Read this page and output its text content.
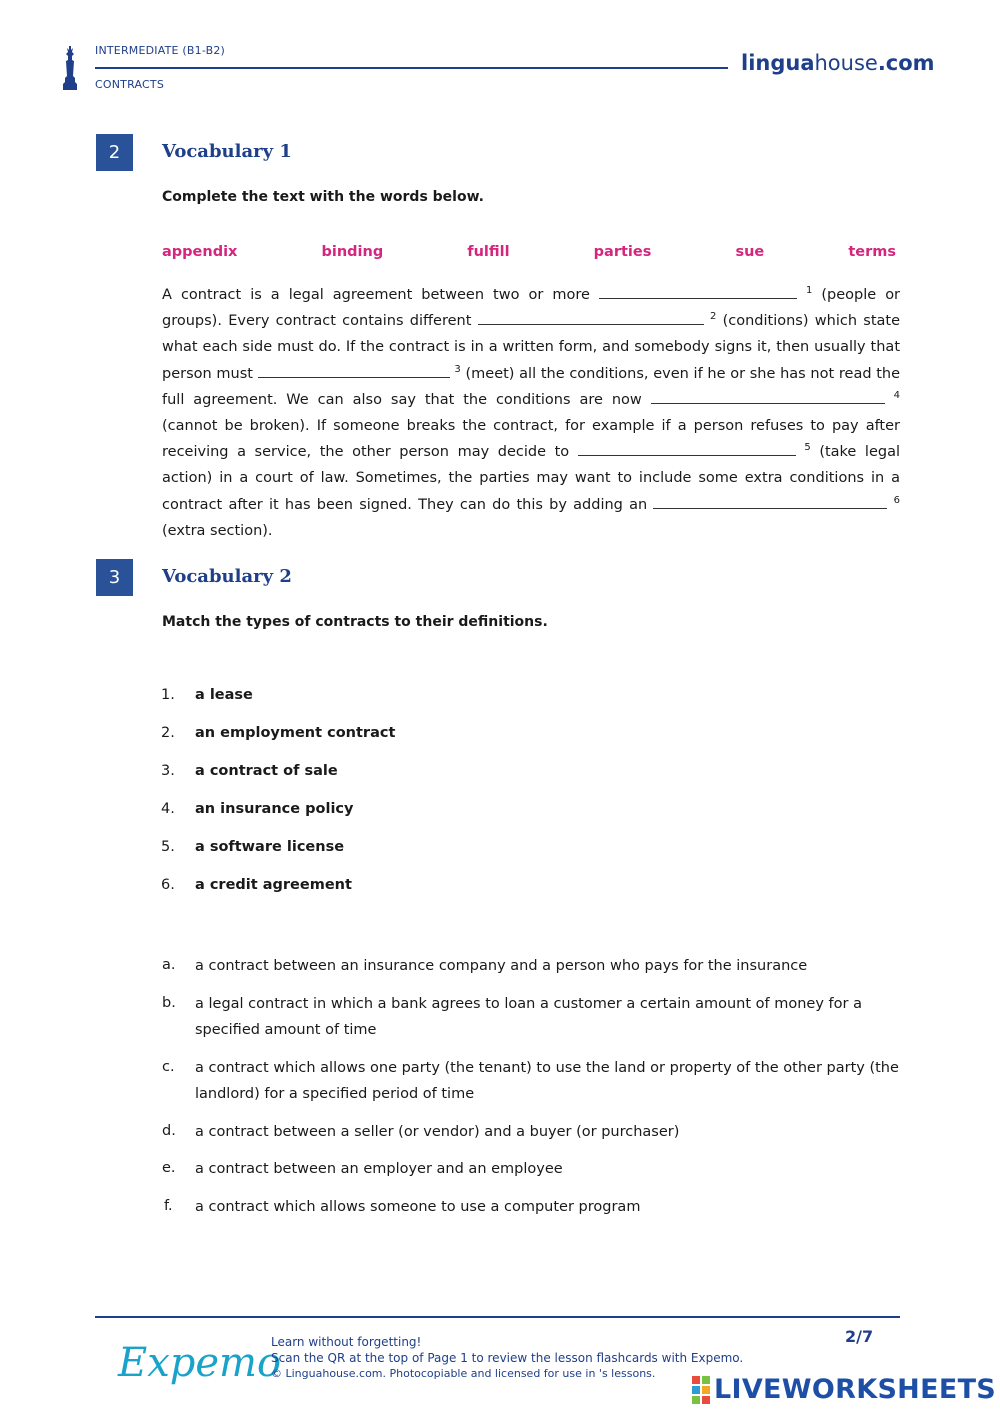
INTERMEDIATE (B1-B2)
CONTRACTS
linguahouse.com
2	Vocabulary 1
Complete the text with the words below.
appendix	binding	fulfill	parties	sue	terms
A contract is a legal agreement between two or more	$^1$ (people or groups). Every contract contains different	$^2$ (conditions) which state what each side must do. If the contract is in a written form, and somebody signs it, then usually that person must	$^3$ (meet) all the conditions, even if he or she has not read the full agreement. We can also say that the conditions are now	$^4$ (cannot be broken). If someone breaks the contract, for example if a person refuses to pay after receiving a service, the other person may decide to	$^5$ (take legal action) in a court of law. Sometimes, the parties may want to include some extra conditions in a contract after it has been signed. They can do this by adding an	$^6$ (extra section).
3	Vocabulary 2
Match the types of contracts to their definitions.
1. a lease
2. an employment contract
3. a contract of sale
4. an insurance policy
5. a software license
6. a credit agreement
a. a contract between an insurance company and a person who pays for the insurance
b. a legal contract in which a bank agrees to loan a customer a certain amount of money for a specified amount of time
c. a contract which allows one party (the tenant) to use the land or property of the other party (the landlord) for a specified period of time
d. a contract between a seller (or vendor) and a buyer (or purchaser)
e. a contract between an employer and an employee
f. a contract which allows someone to use a computer program
Expemo
Learn without forgetting!
Scan the QR at the top of Page 1 to review the lesson flashcards with Expemo.
© Linguahouse.com. Photocopiable and licensed for use in 's lessons.
2/7
LIVEWORKSHEETS
